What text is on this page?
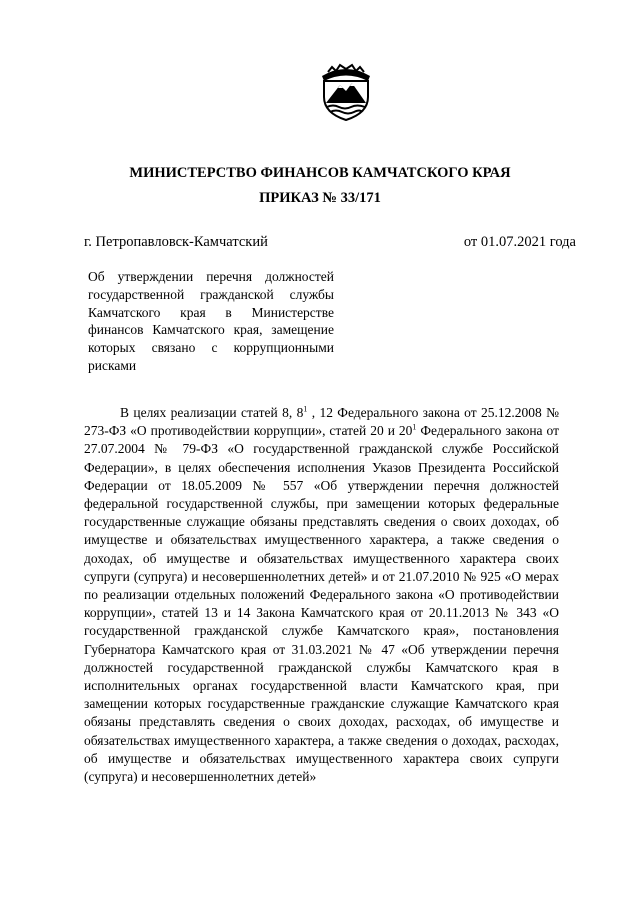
МИНИСТЕРСТВО ФИНАНСОВ КАМЧАТСКОГО КРАЯ
ПРИКАЗ № 33/171
г. Петропавловск-Камчатский	от 01.07.2021 года
Об утверждении перечня должностей государственной гражданской службы Камчатского края в Министерстве финансов Камчатского края, замещение которых связано с коррупционными рисками

В целях реализации статей 8, $8^1$ , 12 Федерального закона от 25.12.2008 № 273-ФЗ «О противодействии коррупции», статей 20 и $20^1$ Федерального закона от 27.07.2004 № 79-ФЗ «О государственной гражданской службе Российской Федерации», в целях обеспечения исполнения Указов Президента Российской Федерации от 18.05.2009 № 557 «Об утверждении перечня должностей федеральной государственной службы, при замещении которых федеральные государственные служащие обязаны представлять сведения о своих доходах, об имуществе и обязательствах имущественного характера, а также сведения о доходах, об имуществе и обязательствах имущественного характера своих супруги (супруга) и несовершеннолетних детей» и от 21.07.2010 № 925 «О мерах по реализации отдельных положений Федерального закона «О противодействии коррупции», статей 13 и 14 Закона Камчатского края от 20.11.2013 № 343 «О государственной гражданской службе Камчатского края», постановления Губернатора Камчатского края от 31.03.2021 № 47 «Об утверждении перечня должностей государственной гражданской службы Камчатского края в исполнительных органах государственной власти Камчатского края, при замещении которых государственные гражданские служащие Камчатского края обязаны представлять сведения о своих доходах, расходах, об имуществе и обязательствах имущественного характера, а также сведения о доходах, расходах, об имуществе и обязательствах имущественного характера своих супруги (супруга) и несовершеннолетних детей»
